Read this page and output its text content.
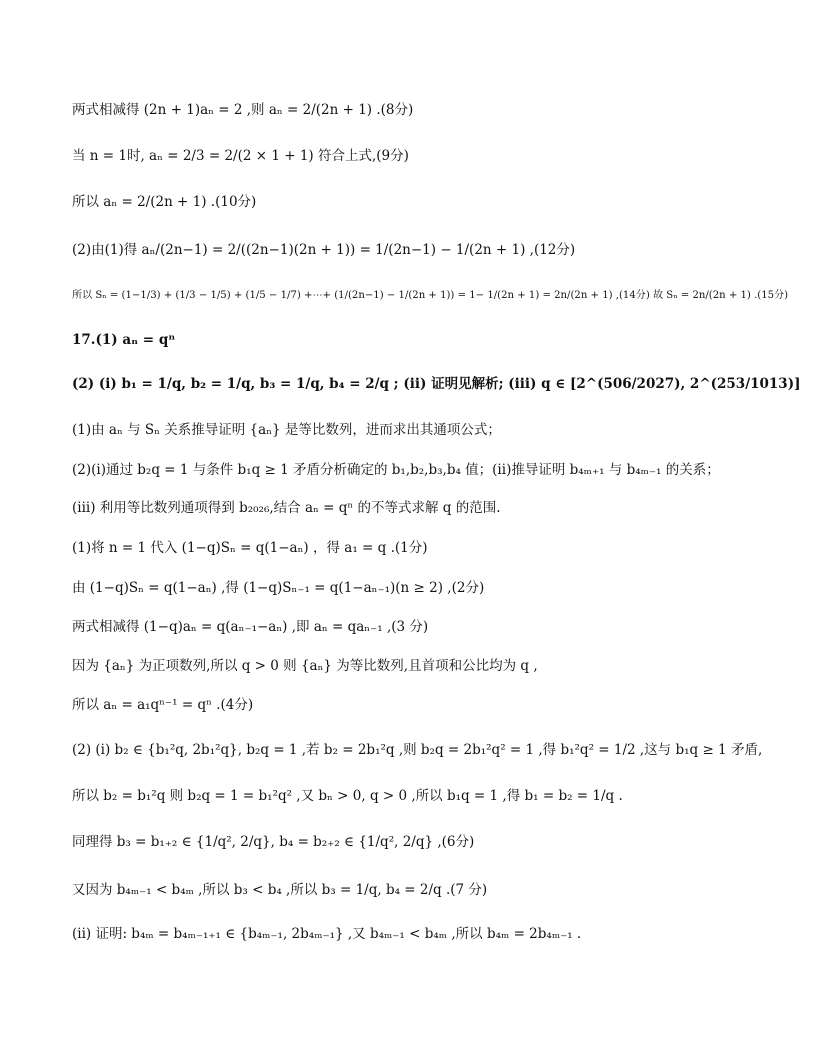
两式相减得 (2n + 1)aₙ = 2 ,则 aₙ = 2/(2n + 1) .(8分)
当 n = 1时, aₙ = 2/3 = 2/(2 × 1 + 1) 符合上式,(9分)
所以 aₙ = 2/(2n + 1) .(10分)
(2)由(1)得 aₙ/(2n−1) = 2/((2n−1)(2n + 1)) = 1/(2n−1) − 1/(2n + 1) ,(12分)
所以 Sₙ = (1−1/3) + (1/3 − 1/5) + (1/5 − 1/7) +⋯+ (1/(2n−1) − 1/(2n + 1)) = 1− 1/(2n + 1) = 2n/(2n + 1) ,(14分) 故 Sₙ = 2n/(2n + 1) .(15分)
17.(1) aₙ = qⁿ
(2) (i) b₁ = 1/q, b₂ = 1/q, b₃ = 1/q, b₄ = 2/q ; (ii) 证明见解析; (iii) q ∈ [2^(506/2027), 2^(253/1013)]
(1)由 aₙ 与 Sₙ 关系推导证明 {aₙ} 是等比数列，进而求出其通项公式；
(2)(i)通过 b₂q = 1 与条件 b₁q ≥ 1 矛盾分析确定的 b₁,b₂,b₃,b₄ 值；(ii)推导证明 b₄ₘ₊₁ 与 b₄ₘ₋₁ 的关系；
(iii) 利用等比数列通项得到 b₂₀₂₆,结合 aₙ = qⁿ 的不等式求解 q 的范围.
(1)将 n = 1 代入 (1−q)Sₙ = q(1−aₙ) ，得 a₁ = q .(1分)
由 (1−q)Sₙ = q(1−aₙ) ,得 (1−q)Sₙ₋₁ = q(1−aₙ₋₁)(n ≥ 2) ,(2分)
两式相减得 (1−q)aₙ = q(aₙ₋₁−aₙ) ,即 aₙ = qaₙ₋₁ ,(3 分)
因为 {aₙ} 为正项数列,所以 q > 0 则 {aₙ} 为等比数列,且首项和公比均为 q ,
所以 aₙ = a₁qⁿ⁻¹ = qⁿ .(4分)
(2) (i) b₂ ∈ {b₁²q, 2b₁²q}, b₂q = 1 ,若 b₂ = 2b₁²q ,则 b₂q = 2b₁²q² = 1 ,得 b₁²q² = 1/2 ,这与 b₁q ≥ 1 矛盾,
所以 b₂ = b₁²q 则 b₂q = 1 = b₁²q² ,又 bₙ > 0, q > 0 ,所以 b₁q = 1 ,得 b₁ = b₂ = 1/q .
同理得 b₃ = b₁₊₂ ∈ {1/q², 2/q}, b₄ = b₂₊₂ ∈ {1/q², 2/q} ,(6分)
又因为 b₄ₘ₋₁ < b₄ₘ ,所以 b₃ < b₄ ,所以 b₃ = 1/q, b₄ = 2/q .(7 分)
(ii) 证明: b₄ₘ = b₄ₘ₋₁₊₁ ∈ {b₄ₘ₋₁, 2b₄ₘ₋₁} ,又 b₄ₘ₋₁ < b₄ₘ ,所以 b₄ₘ = 2b₄ₘ₋₁ .
